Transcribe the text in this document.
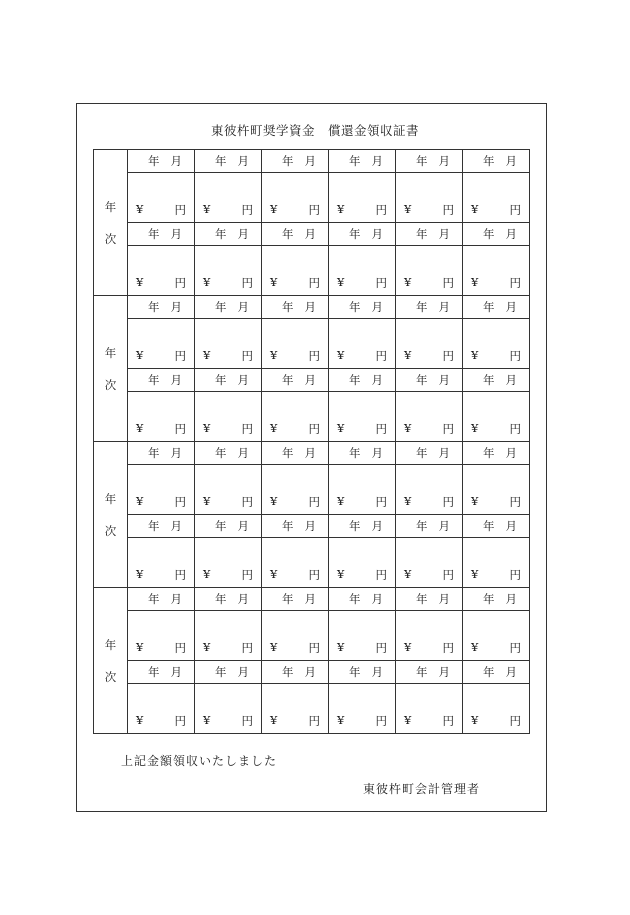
東彼杵町奨学資金　償還金領収証書
年
次	年 月	年 月	年 月	年 月	年 月	年 月

	¥ 円	¥ 円	¥ 円	¥ 円	¥ 円	¥ 円

	年 月	年 月	年 月	年 月	年 月	年 月

	¥ 円	¥ 円	¥ 円	¥ 円	¥ 円	¥ 円

年
次	年 月	年 月	年 月	年 月	年 月	年 月

	¥ 円	¥ 円	¥ 円	¥ 円	¥ 円	¥ 円

	年 月	年 月	年 月	年 月	年 月	年 月

	¥ 円	¥ 円	¥ 円	¥ 円	¥ 円	¥ 円

年
次	年 月	年 月	年 月	年 月	年 月	年 月

	¥ 円	¥ 円	¥ 円	¥ 円	¥ 円	¥ 円

	年 月	年 月	年 月	年 月	年 月	年 月

	¥ 円	¥ 円	¥ 円	¥ 円	¥ 円	¥ 円

年
次	年 月	年 月	年 月	年 月	年 月	年 月

	¥ 円	¥ 円	¥ 円	¥ 円	¥ 円	¥ 円

	年 月	年 月	年 月	年 月	年 月	年 月

	¥ 円	¥ 円	¥ 円	¥ 円	¥ 円	¥ 円
上記金額領収いたしました
東彼杵町会計管理者
